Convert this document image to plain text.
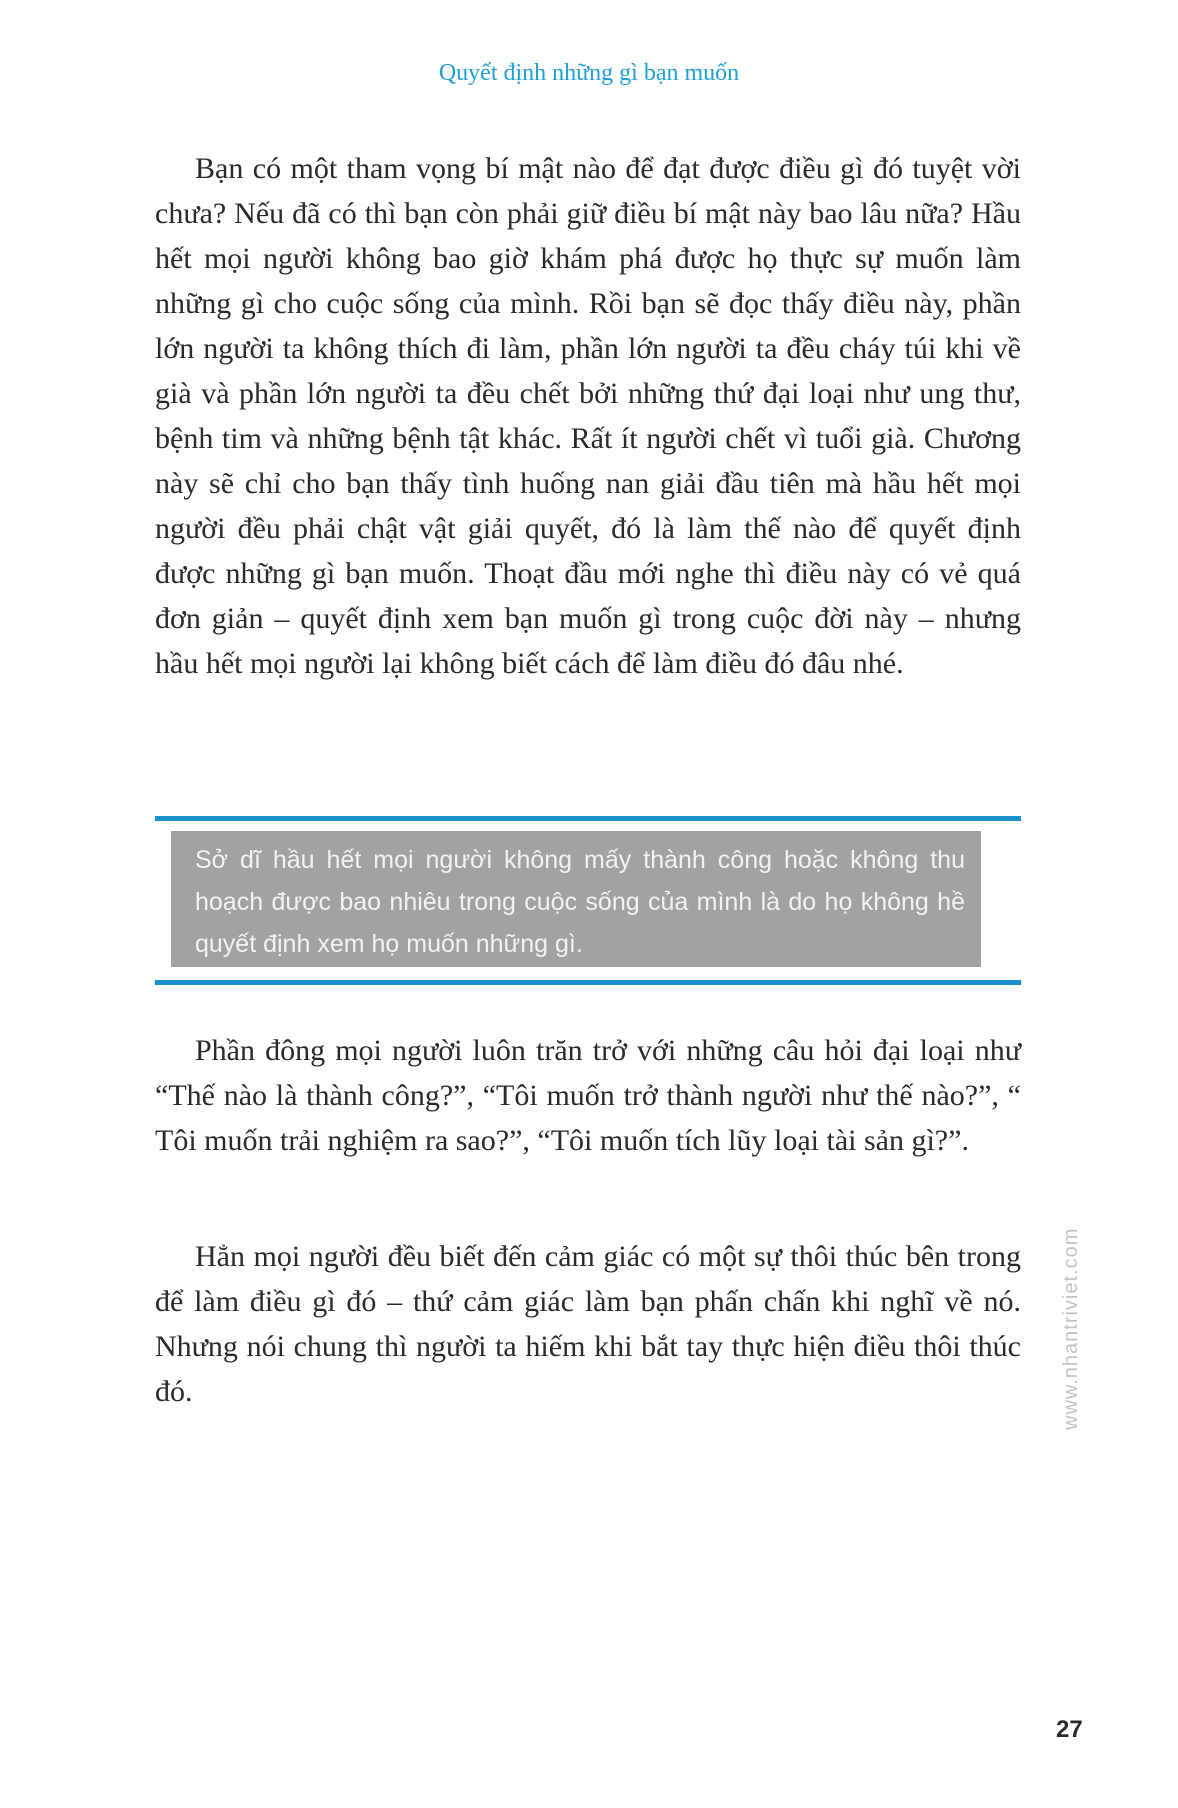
Quyết định những gì bạn muốn

Bạn có một tham vọng bí mật nào để đạt được điều gì đó tuyệt vời chưa? Nếu đã có thì bạn còn phải giữ điều bí mật này bao lâu nữa? Hầu hết mọi người không bao giờ khám phá được họ thực sự muốn làm những gì cho cuộc sống của mình. Rồi bạn sẽ đọc thấy điều này, phần lớn người ta không thích đi làm, phần lớn người ta đều cháy túi khi về già và phần lớn người ta đều chết bởi những thứ đại loại như ung thư, bệnh tim và những bệnh tật khác. Rất ít người chết vì tuổi già. Chương này sẽ chỉ cho bạn thấy tình huống nan giải đầu tiên mà hầu hết mọi người đều phải chật vật giải quyết, đó là làm thế nào để quyết định được những gì bạn muốn. Thoạt đầu mới nghe thì điều này có vẻ quá đơn giản – quyết định xem bạn muốn gì trong cuộc đời này – nhưng hầu hết mọi người lại không biết cách để làm điều đó đâu nhé.

Sở dĩ hầu hết mọi người không mấy thành công hoặc không thu hoạch được bao nhiêu trong cuộc sống của mình là do họ không hề quyết định xem họ muốn những gì.

Phần đông mọi người luôn trăn trở với những câu hỏi đại loại như “Thế nào là thành công?”, “Tôi muốn trở thành người như thế nào?”, “ Tôi muốn trải nghiệm ra sao?”, “Tôi muốn tích lũy loại tài sản gì?”.

Hẳn mọi người đều biết đến cảm giác có một sự thôi thúc bên trong để làm điều gì đó – thứ cảm giác làm bạn phấn chấn khi nghĩ về nó. Nhưng nói chung thì người ta hiếm khi bắt tay thực hiện điều thôi thúc đó.	www.nhantriviet.com
27
